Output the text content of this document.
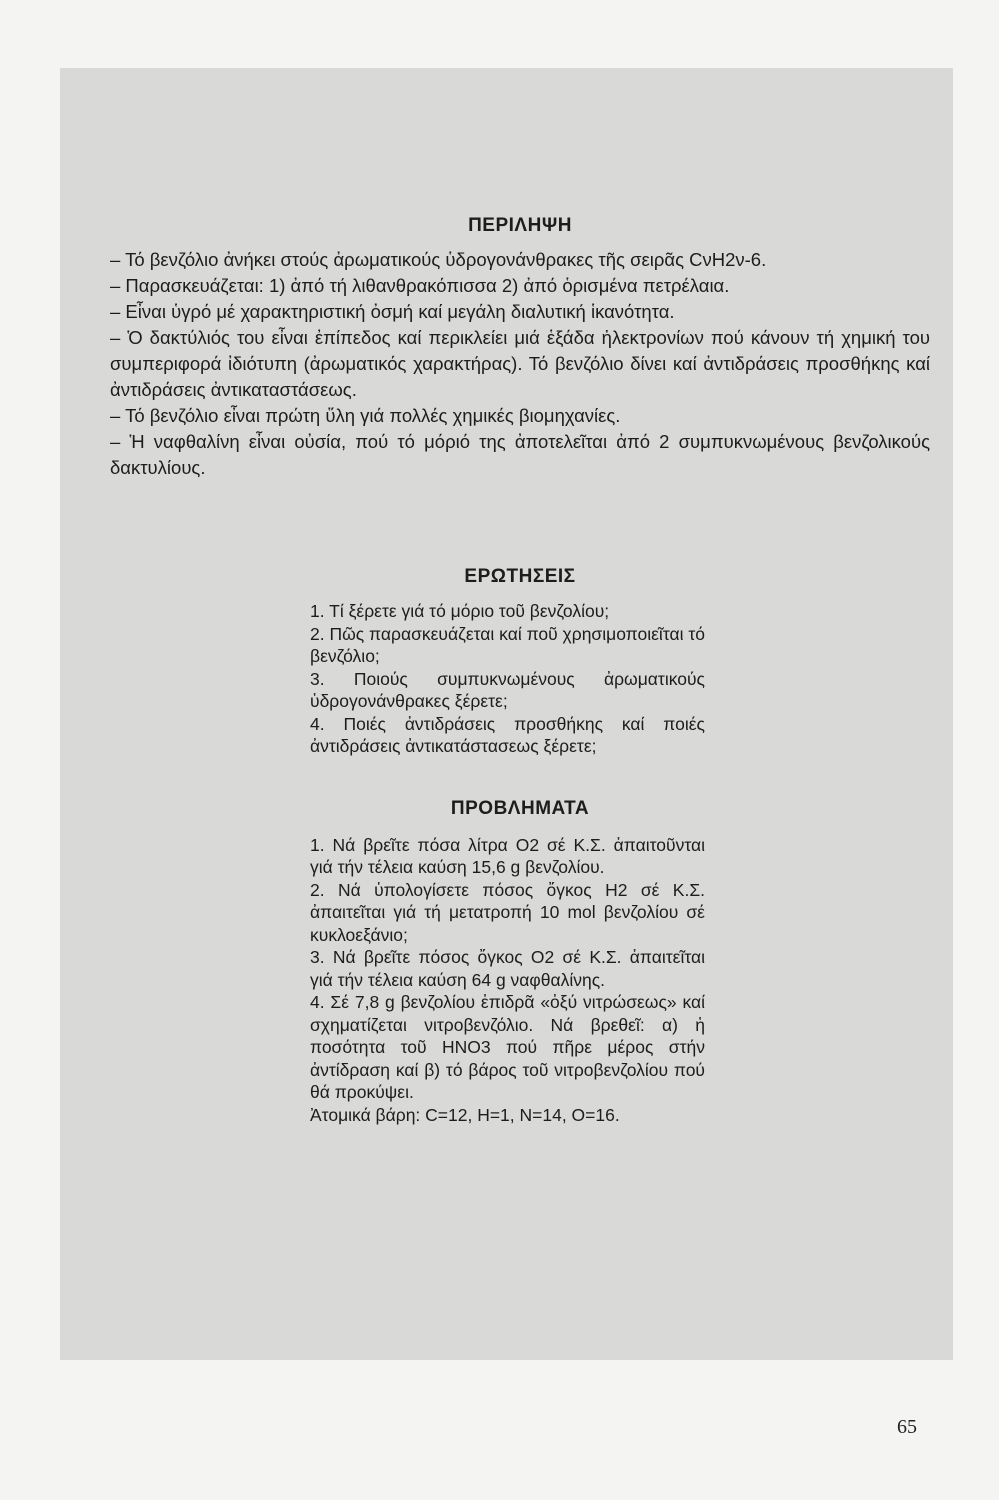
ΠΕΡΙΛΗΨΗ

– Τό βενζόλιο ἀνήκει στούς ἀρωματικούς ὑδρογονάνθρακες τῆς σειρᾶς CνH2ν-6.

– Παρασκευάζεται: 1) ἀπό τή λιθανθρακόπισσα 2) ἀπό ὁρισμένα πετρέλαια.

– Εἶναι ὑγρό μέ χαρακτηριστική ὀσμή καί μεγάλη διαλυτική ἱκανότητα.

– Ὁ δακτύλιός του εἶναι ἐπίπεδος καί περικλείει μιά ἑξάδα ἠλεκτρονίων πού κάνουν τή χημική του συμπεριφορά ἰδιότυπη (ἀρωματικός χαρακτήρας). Τό βενζόλιο δίνει καί ἀντιδράσεις προσθήκης καί ἀντιδράσεις ἀντικαταστάσεως.

– Τό βενζόλιο εἶναι πρώτη ὕλη γιά πολλές χημικές βιομηχανίες.

– Ἡ ναφθαλίνη εἶναι οὐσία, πού τό μόριό της ἀποτελεῖται ἀπό 2 συμπυκνωμένους βενζολικούς δακτυλίους.

ΕΡΩΤΗΣΕΙΣ

1. Τί ξέρετε γιά τό μόριο τοῦ βενζολίου;

2. Πῶς παρασκευάζεται καί ποῦ χρησιμοποιεῖται τό βενζόλιο;

3. Ποιούς συμπυκνωμένους ἀρωματικούς ὑδρογονάνθρακες ξέρετε;

4. Ποιές ἀντιδράσεις προσθήκης καί ποιές ἀντιδράσεις ἀντικατάστασεως ξέρετε;

ΠΡΟΒΛΗΜΑΤΑ

1. Νά βρεῖτε πόσα λίτρα O2 σέ Κ.Σ. ἀπαιτοῦνται γιά τήν τέλεια καύση 15,6 g βενζολίου.

2. Νά ὑπολογίσετε πόσος ὄγκος H2 σέ Κ.Σ. ἀπαιτεῖται γιά τή μετατροπή 10 mol βενζολίου σέ κυκλοεξάνιο;

3. Νά βρεῖτε πόσος ὄγκος O2 σέ Κ.Σ. ἀπαιτεῖται γιά τήν τέλεια καύση 64 g ναφθαλίνης.

4. Σέ 7,8 g βενζολίου ἐπιδρᾶ «ὀξύ νιτρώσεως» καί σχηματίζεται νιτροβενζόλιο. Νά βρεθεῖ: α) ἡ ποσότητα τοῦ HNO3 πού πῆρε μέρος στήν ἀντίδραση καί β) τό βάρος τοῦ νιτροβενζολίου πού θά προκύψει.

Ἀτομικά βάρη: C=12, H=1, N=14, O=16.

65
